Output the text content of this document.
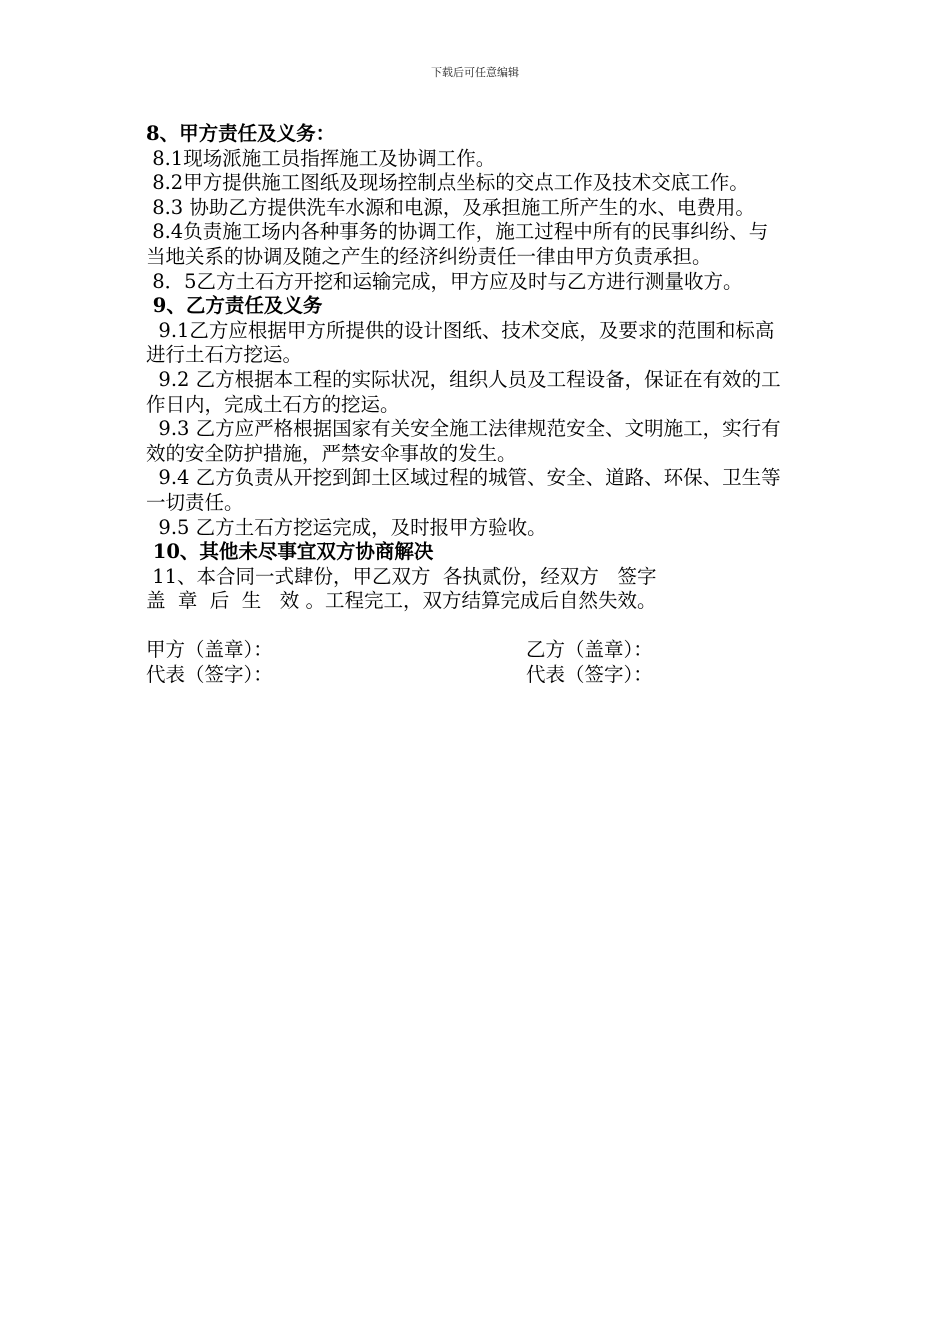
下载后可任意编辑

8、甲方责任及义务：

8.1现场派施工员指挥施工及协调工作。

8.2甲方提供施工图纸及现场控制点坐标的交点工作及技术交底工作。

8.3 协助乙方提供洗车水源和电源，及承担施工所产生的水、电费用。

8.4负责施工场内各种事务的协调工作，施工过程中所有的民事纠纷、与当地关系的协调及随之产生的经济纠纷责任一律由甲方负责承担。

8．5乙方土石方开挖和运输完成，甲方应及时与乙方进行测量收方。

9、乙方责任及义务

9.1乙方应根据甲方所提供的设计图纸、技术交底，及要求的范围和标高进行土石方挖运。

9.2 乙方根据本工程的实际状况，组织人员及工程设备，保证在有效的工作日内，完成土石方的挖运。

9.3 乙方应严格根据国家有关安全施工法律规范安全、文明施工，实行有效的安全防护措施，严禁安伞事故的发生。

9.4 乙方负责从开挖到卸土区域过程的城管、安全、道路、环保、卫生等一切责任。

9.5 乙方土石方挖运完成，及时报甲方验收。

10、其他未尽事宜双方协商解决

11、本合同一式肆份，甲乙双方  各执贰份，经双方   签字

盖  章  后  生   效 。工程完工，双方结算完成后自然失效。

甲方（盖章）：	乙方（盖章）：
代表（签字）：	代表（签字）：
